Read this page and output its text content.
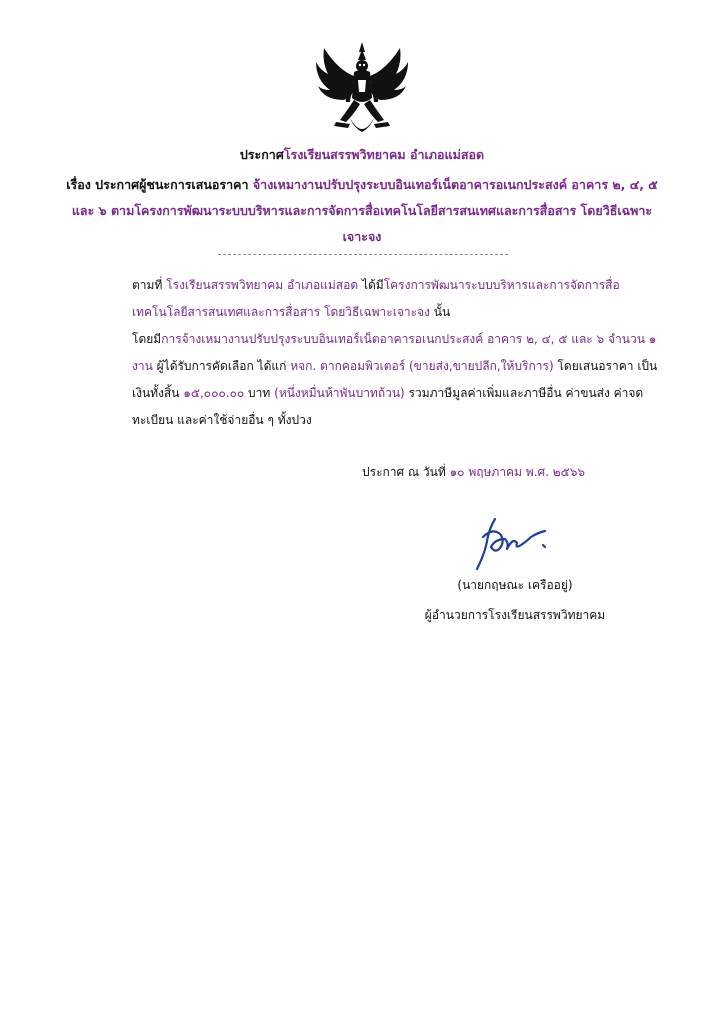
ประกาศโรงเรียนสรรพวิทยาคม อำเภอแม่สอด
เรื่อง ประกาศผู้ชนะการเสนอราคา จ้างเหมางานปรับปรุงระบบอินเทอร์เน็ตอาคารอเนกประสงค์ อาคาร ๒, ๔, ๕ และ ๖ ตามโครงการพัฒนาระบบบริหารและการจัดการสื่อเทคโนโลยีสารสนเทศและการสื่อสาร โดยวิธีเฉพาะเจาะจง
ตามที่ โรงเรียนสรรพวิทยาคม อำเภอแม่สอด ได้มีโครงการพัฒนาระบบบริหารและการจัดการสื่อเทคโนโลยีสารสนเทศและการสื่อสาร โดยวิธีเฉพาะเจาะจง นั้น
โดยมีการจ้างเหมางานปรับปรุงระบบอินเทอร์เน็ตอาคารอเนกประสงค์ อาคาร ๒, ๔, ๕ และ ๖ จำนวน ๑ งาน ผู้ได้รับการคัดเลือก ได้แก่ หจก. ตากคอมพิวเตอร์ (ขายส่ง,ขายปลีก,ให้บริการ) โดยเสนอราคา เป็นเงินทั้งสิ้น ๑๕,๐๐๐.๐๐ บาท (หนึ่งหมื่นห้าพันบาทถ้วน) รวมภาษีมูลค่าเพิ่มและภาษีอื่น ค่าขนส่ง ค่าจดทะเบียน และค่าใช้จ่ายอื่น ๆ ทั้งปวง
ประกาศ ณ วันที่ ๑๐ พฤษภาคม พ.ศ. ๒๕๖๖
(นายกฤษณะ เครืออยู่)
ผู้อำนวยการโรงเรียนสรรพวิทยาคม
